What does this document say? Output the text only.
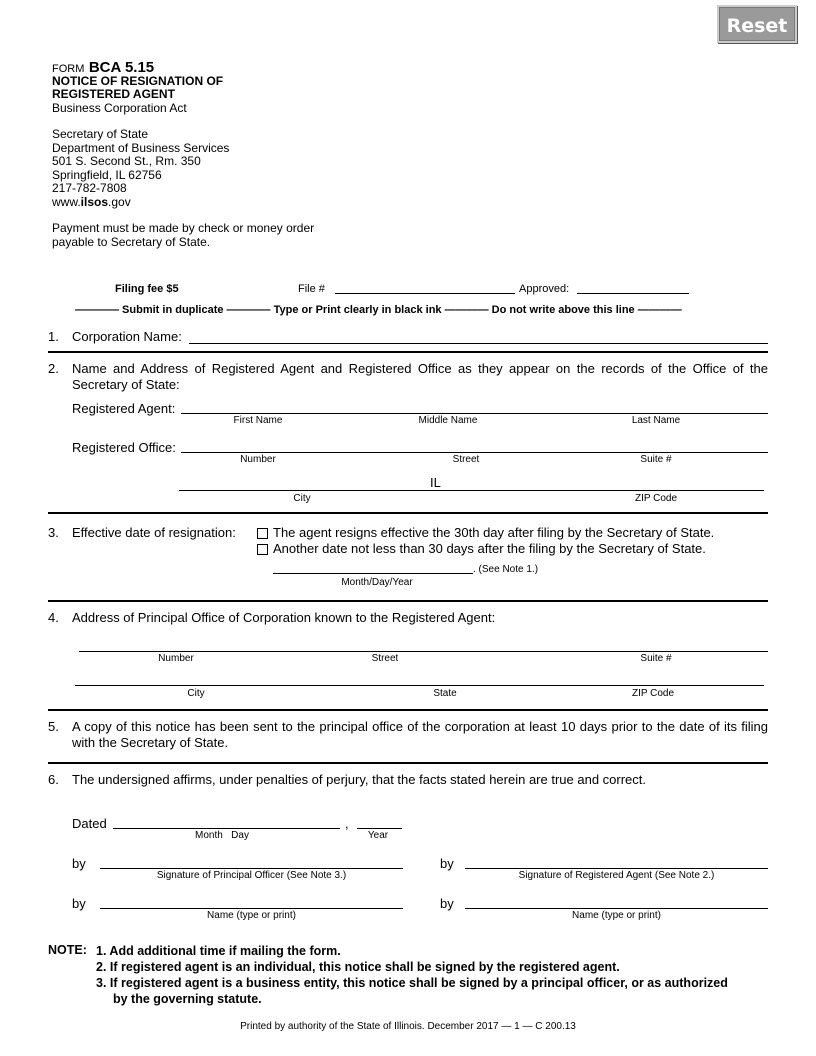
Reset
FORM BCA 5.15
NOTICE OF RESIGNATION OF
REGISTERED AGENT
Business Corporation Act
Secretary of State
Department of Business Services
501 S. Second St., Rm. 350
Springfield, IL 62756
217-782-7808
www.ilsos.gov
Payment must be made by check or money order
payable to Secretary of State.
Filing fee $5	File #	Approved:
———— Submit in duplicate ———— Type or Print clearly in black ink ———— Do not write above this line ————
1. Corporation Name:
2. Name and Address of Registered Agent and Registered Office as they appear on the records of the Office of the Secretary of State:
Registered Agent:
First Name	Middle Name	Last Name
Registered Office:
Number	Street	Suite #
IL
City	ZIP Code
3. Effective date of resignation:	The agent resigns effective the 30th day after filing by the Secretary of State.
Another date not less than 30 days after the filing by the Secretary of State.
. (See Note 1.)
Month/Day/Year
4. Address of Principal Office of Corporation known to the Registered Agent:
Number	Street	Suite #
City	State	ZIP Code
5. A copy of this notice has been sent to the principal office of the corporation at least 10 days prior to the date of its filing with the Secretary of State.
6. The undersigned affirms, under penalties of perjury, that the facts stated herein are true and correct.
Dated	,
Month   Day	Year
by
Signature of Principal Officer (See Note 3.)
by
Signature of Registered Agent (See Note 2.)
by
Name (type or print)
by
Name (type or print)
NOTE: 1. Add additional time if mailing the form.
2. If registered agent is an individual, this notice shall be signed by the registered agent.
3. If registered agent is a business entity, this notice shall be signed by a principal officer, or as authorized
by the governing statute.
Printed by authority of the State of Illinois. December 2017 — 1 — C 200.13
